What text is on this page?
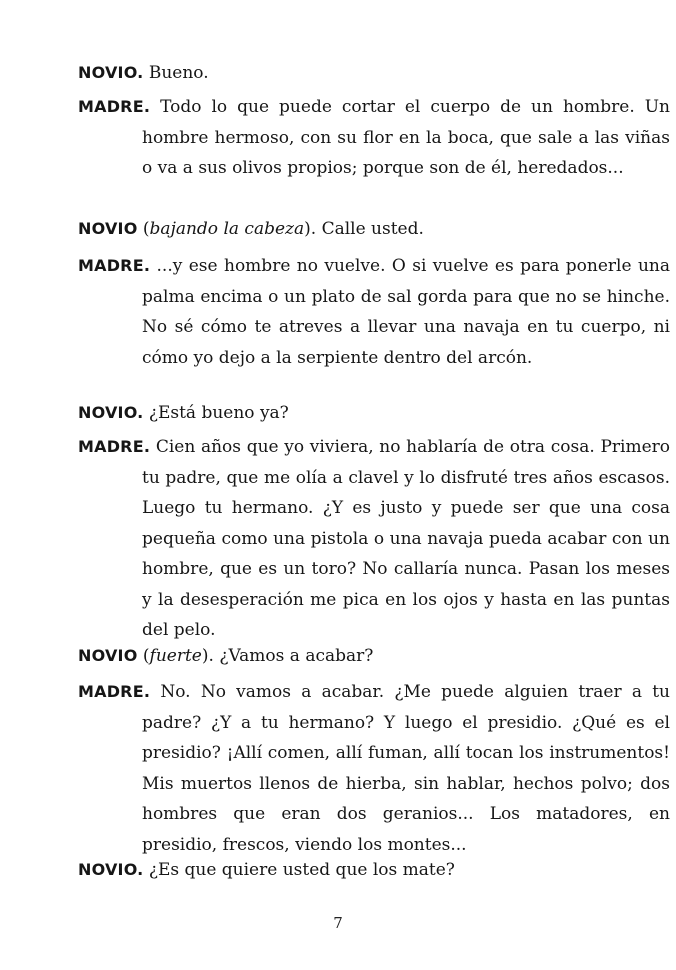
NOVIO. Bueno.

MADRE. Todo lo que puede cortar el cuerpo de un hombre. Un hombre hermoso, con su flor en la boca, que sale a las viñas o va a sus olivos propios; porque son de él, heredados...

NOVIO (bajando la cabeza). Calle usted.

MADRE. ...y ese hombre no vuelve. O si vuelve es para ponerle una palma encima o un plato de sal gorda para que no se hinche. No sé cómo te atreves a llevar una navaja en tu cuerpo, ni cómo yo dejo a la serpiente dentro del arcón.

NOVIO. ¿Está bueno ya?

MADRE. Cien años que yo viviera, no hablaría de otra cosa. Primero tu padre, que me olía a clavel y lo disfruté tres años escasos. Luego tu hermano. ¿Y es justo y puede ser que una cosa pequeña como una pistola o una navaja pueda acabar con un hombre, que es un toro? No callaría nunca. Pasan los meses y la desesperación me pica en los ojos y hasta en las puntas del pelo.

NOVIO (fuerte). ¿Vamos a acabar?

MADRE. No. No vamos a acabar. ¿Me puede alguien traer a tu padre? ¿Y a tu hermano? Y luego el presidio. ¿Qué es el presidio? ¡Allí comen, allí fuman, allí tocan los instrumentos! Mis muertos llenos de hierba, sin hablar, hechos polvo; dos hombres que eran dos geranios... Los matadores, en presidio, frescos, viendo los montes...

NOVIO. ¿Es que quiere usted que los mate?

7
